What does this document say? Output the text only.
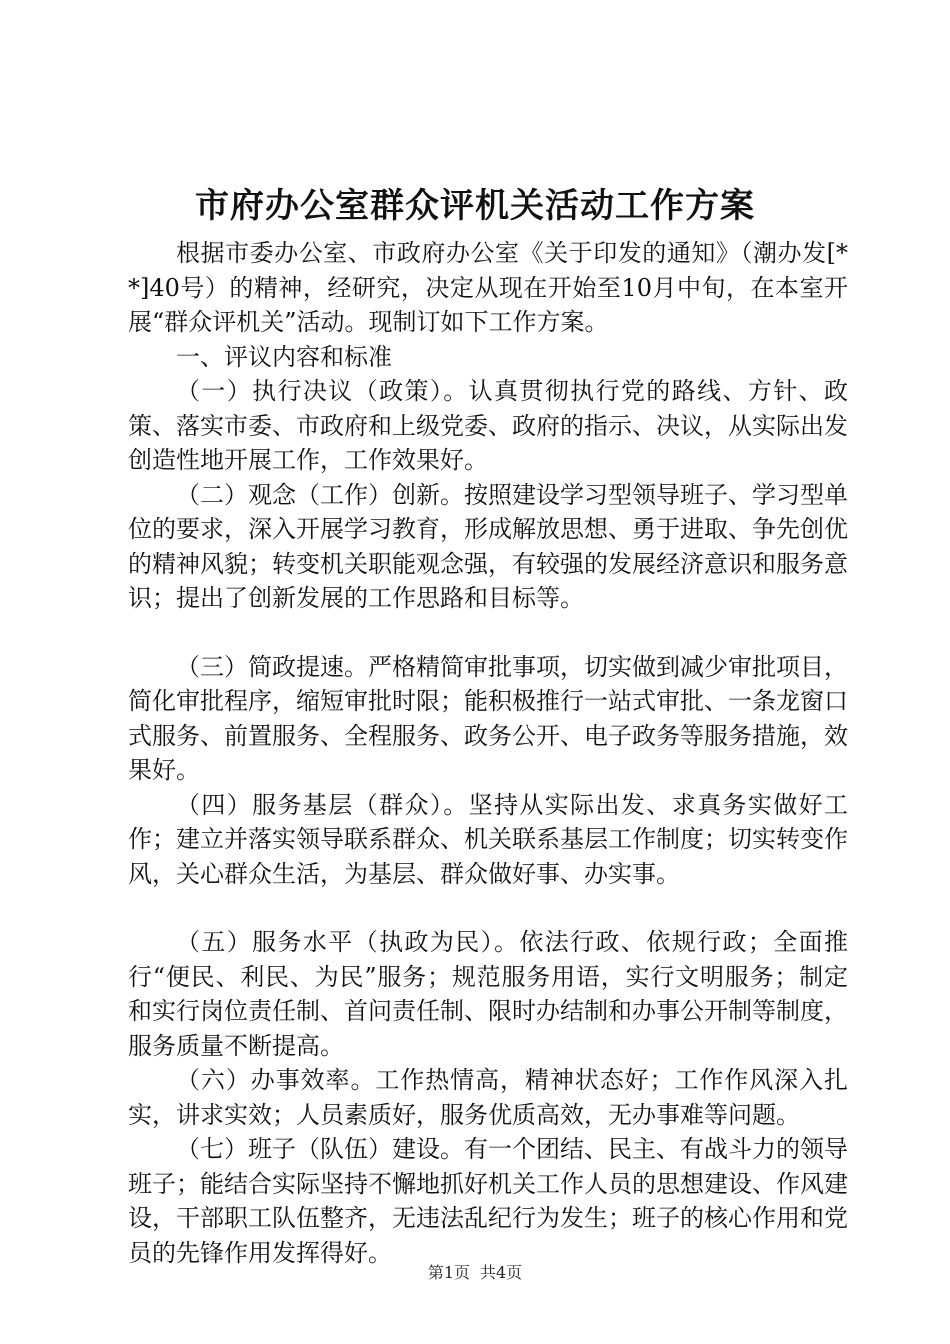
市府办公室群众评机关活动工作方案

根据市委办公室、市政府办公室《关于印发的通知》（潮办发[**]40号）的精神，经研究，决定从现在开始至10月中旬，在本室开展“群众评机关”活动。现制订如下工作方案。

一、评议内容和标准

（一）执行决议（政策）。认真贯彻执行党的路线、方针、政策、落实市委、市政府和上级党委、政府的指示、决议，从实际出发创造性地开展工作，工作效果好。

（二）观念（工作）创新。按照建设学习型领导班子、学习型单位的要求，深入开展学习教育，形成解放思想、勇于进取、争先创优的精神风貌；转变机关职能观念强，有较强的发展经济意识和服务意识；提出了创新发展的工作思路和目标等。

（三）简政提速。严格精简审批事项，切实做到减少审批项目，简化审批程序，缩短审批时限；能积极推行一站式审批、一条龙窗口式服务、前置服务、全程服务、政务公开、电子政务等服务措施，效果好。

（四）服务基层（群众）。坚持从实际出发、求真务实做好工作；建立并落实领导联系群众、机关联系基层工作制度；切实转变作风，关心群众生活，为基层、群众做好事、办实事。

（五）服务水平（执政为民）。依法行政、依规行政；全面推行“便民、利民、为民”服务；规范服务用语，实行文明服务；制定和实行岗位责任制、首问责任制、限时办结制和办事公开制等制度，服务质量不断提高。

（六）办事效率。工作热情高，精神状态好；工作作风深入扎实，讲求实效；人员素质好，服务优质高效，无办事难等问题。

（七）班子（队伍）建设。有一个团结、民主、有战斗力的领导班子；能结合实际坚持不懈地抓好机关工作人员的思想建设、作风建设，干部职工队伍整齐，无违法乱纪行为发生；班子的核心作用和党员的先锋作用发挥得好。

第1页 共4页
